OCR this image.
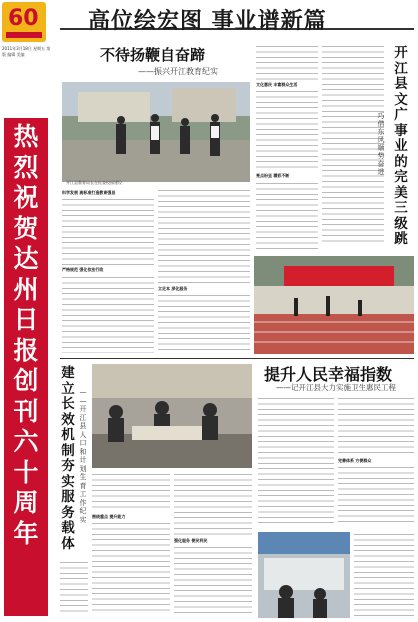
60
2011年3月18日 星期五 第 版 编辑 美编
热
烈
祝
贺
达
州
日
报
创
刊
六
十
周
年
高位绘宏图 事业谱新篇
不待扬鞭自奋蹄
——振兴开江教育纪实
开江县教育局长在检查校园建设
科学发展 高标准打造教育强县
严格规范 强化依法行政
立足本 深化服务
文化惠民 丰富群众生活
亮点纷呈 精彩不断
开
江
县
文
广
事
业
的
完
美
三
级
跳
巧
借
东
风
顺
势
奋
进
建
立
长
效
机
制
夯
实
服
务
载
体
—
—
开
江
县
人
口
和
计
划
生
育
工
作
纪
实 围绕重点 提升能力
强化服务 便民利民
提升人民幸福指数
——记开江县大力实施卫生惠民工程
完善体系 方便群众
